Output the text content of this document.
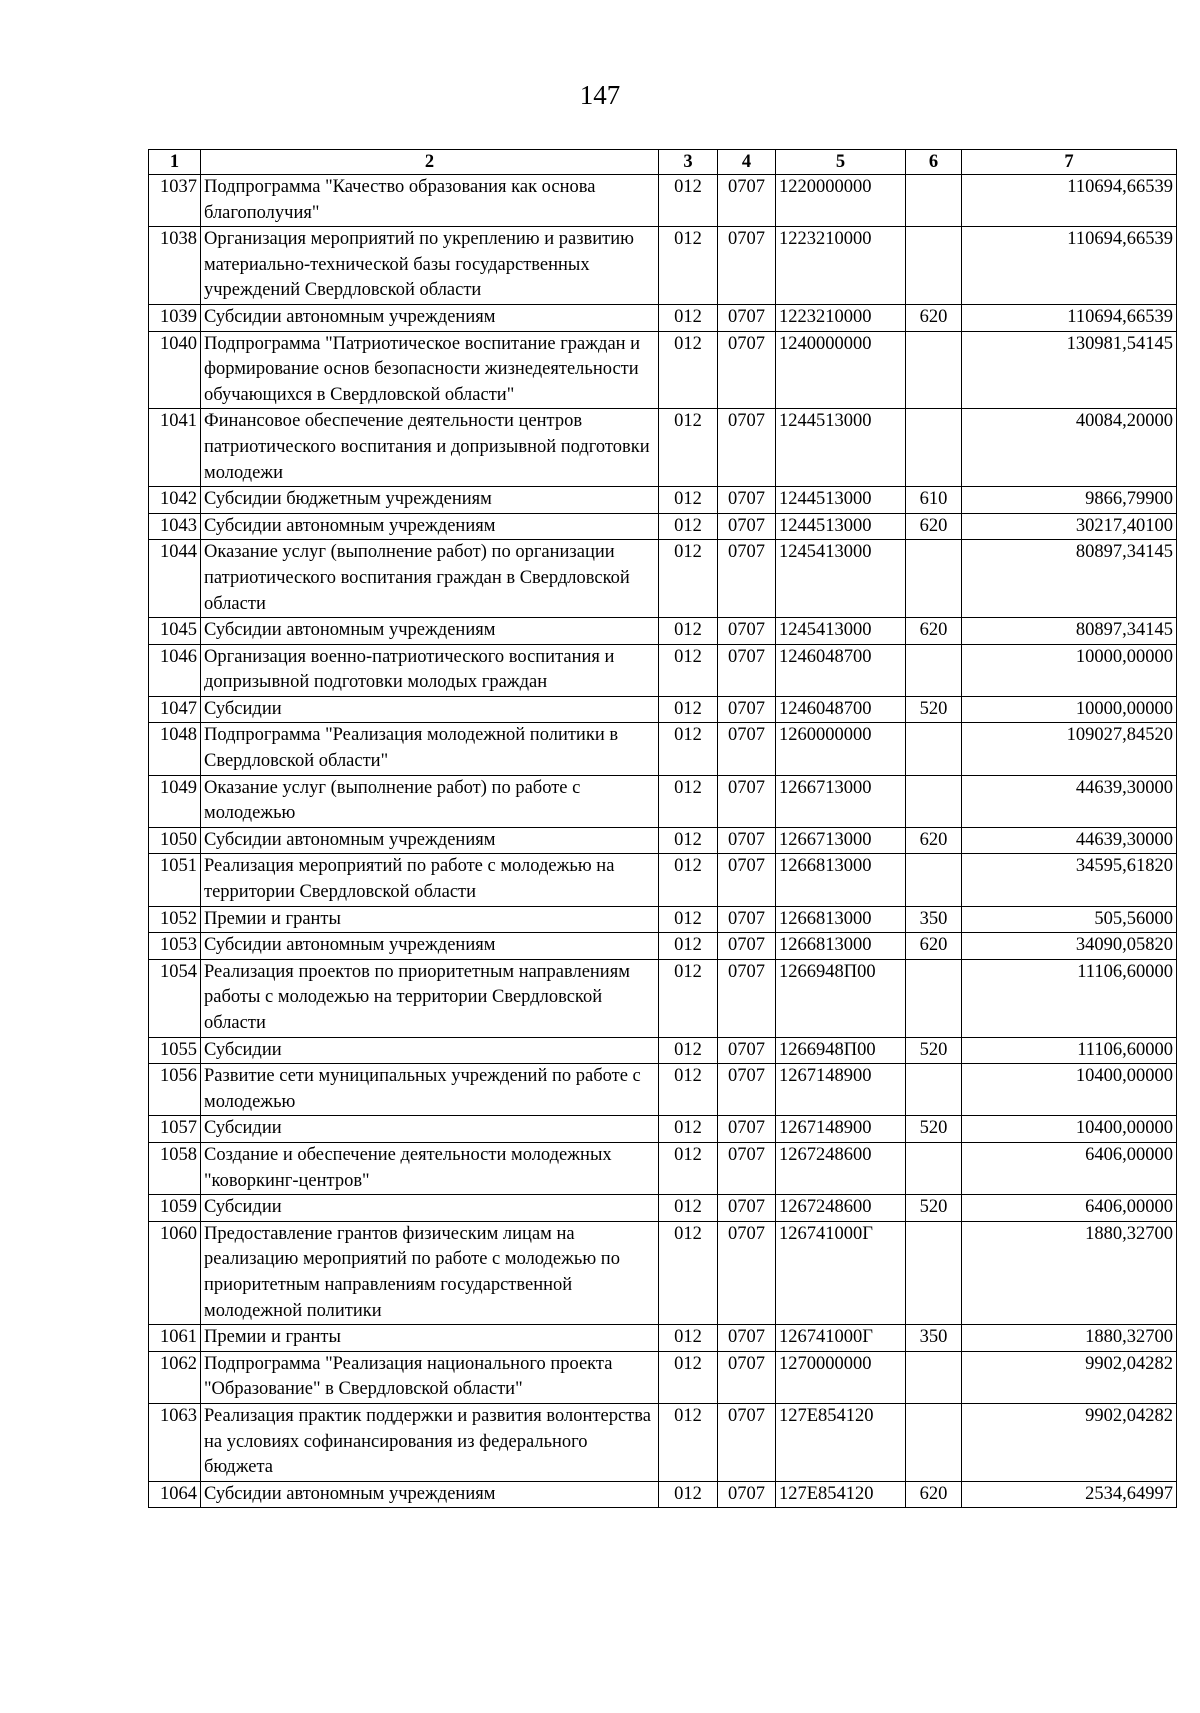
147
1	2	3	4	5	6	7
1037	Подпрограмма "Качество образования как основа благополучия"	012	0707	1220000000		110694,66539
1038	Организация мероприятий по укреплению и развитию материально-технической базы государственных учреждений Свердловской области	012	0707	1223210000		110694,66539
1039	Субсидии автономным учреждениям	012	0707	1223210000	620	110694,66539
1040	Подпрограмма "Патриотическое воспитание граждан и формирование основ безопасности жизнедеятельности обучающихся в Свердловской области"	012	0707	1240000000		130981,54145
1041	Финансовое обеспечение деятельности центров патриотического воспитания и допризывной подготовки молодежи	012	0707	1244513000		40084,20000
1042	Субсидии бюджетным учреждениям	012	0707	1244513000	610	9866,79900
1043	Субсидии автономным учреждениям	012	0707	1244513000	620	30217,40100
1044	Оказание услуг (выполнение работ) по организации патриотического воспитания граждан в Свердловской области	012	0707	1245413000		80897,34145
1045	Субсидии автономным учреждениям	012	0707	1245413000	620	80897,34145
1046	Организация военно-патриотического воспитания и допризывной подготовки молодых граждан	012	0707	1246048700		10000,00000
1047	Субсидии	012	0707	1246048700	520	10000,00000
1048	Подпрограмма "Реализация молодежной политики в Свердловской области"	012	0707	1260000000		109027,84520
1049	Оказание услуг (выполнение работ) по работе с молодежью	012	0707	1266713000		44639,30000
1050	Субсидии автономным учреждениям	012	0707	1266713000	620	44639,30000
1051	Реализация мероприятий по работе с молодежью на территории Свердловской области	012	0707	1266813000		34595,61820
1052	Премии и гранты	012	0707	1266813000	350	505,56000
1053	Субсидии автономным учреждениям	012	0707	1266813000	620	34090,05820
1054	Реализация проектов по приоритетным направлениям работы с молодежью на территории Свердловской области	012	0707	1266948П00		11106,60000
1055	Субсидии	012	0707	1266948П00	520	11106,60000
1056	Развитие сети муниципальных учреждений по работе с молодежью	012	0707	1267148900		10400,00000
1057	Субсидии	012	0707	1267148900	520	10400,00000
1058	Создание и обеспечение деятельности молодежных "коворкинг-центров"	012	0707	1267248600		6406,00000
1059	Субсидии	012	0707	1267248600	520	6406,00000
1060	Предоставление грантов физическим лицам на реализацию мероприятий по работе с молодежью по приоритетным направлениям государственной молодежной политики	012	0707	126741000Г		1880,32700
1061	Премии и гранты	012	0707	126741000Г	350	1880,32700
1062	Подпрограмма "Реализация национального проекта "Образование" в Свердловской области"	012	0707	1270000000		9902,04282
1063	Реализация практик поддержки и развития волонтерства на условиях софинансирования из федерального бюджета	012	0707	127E854120		9902,04282
1064	Субсидии автономным учреждениям	012	0707	127E854120	620	2534,64997
